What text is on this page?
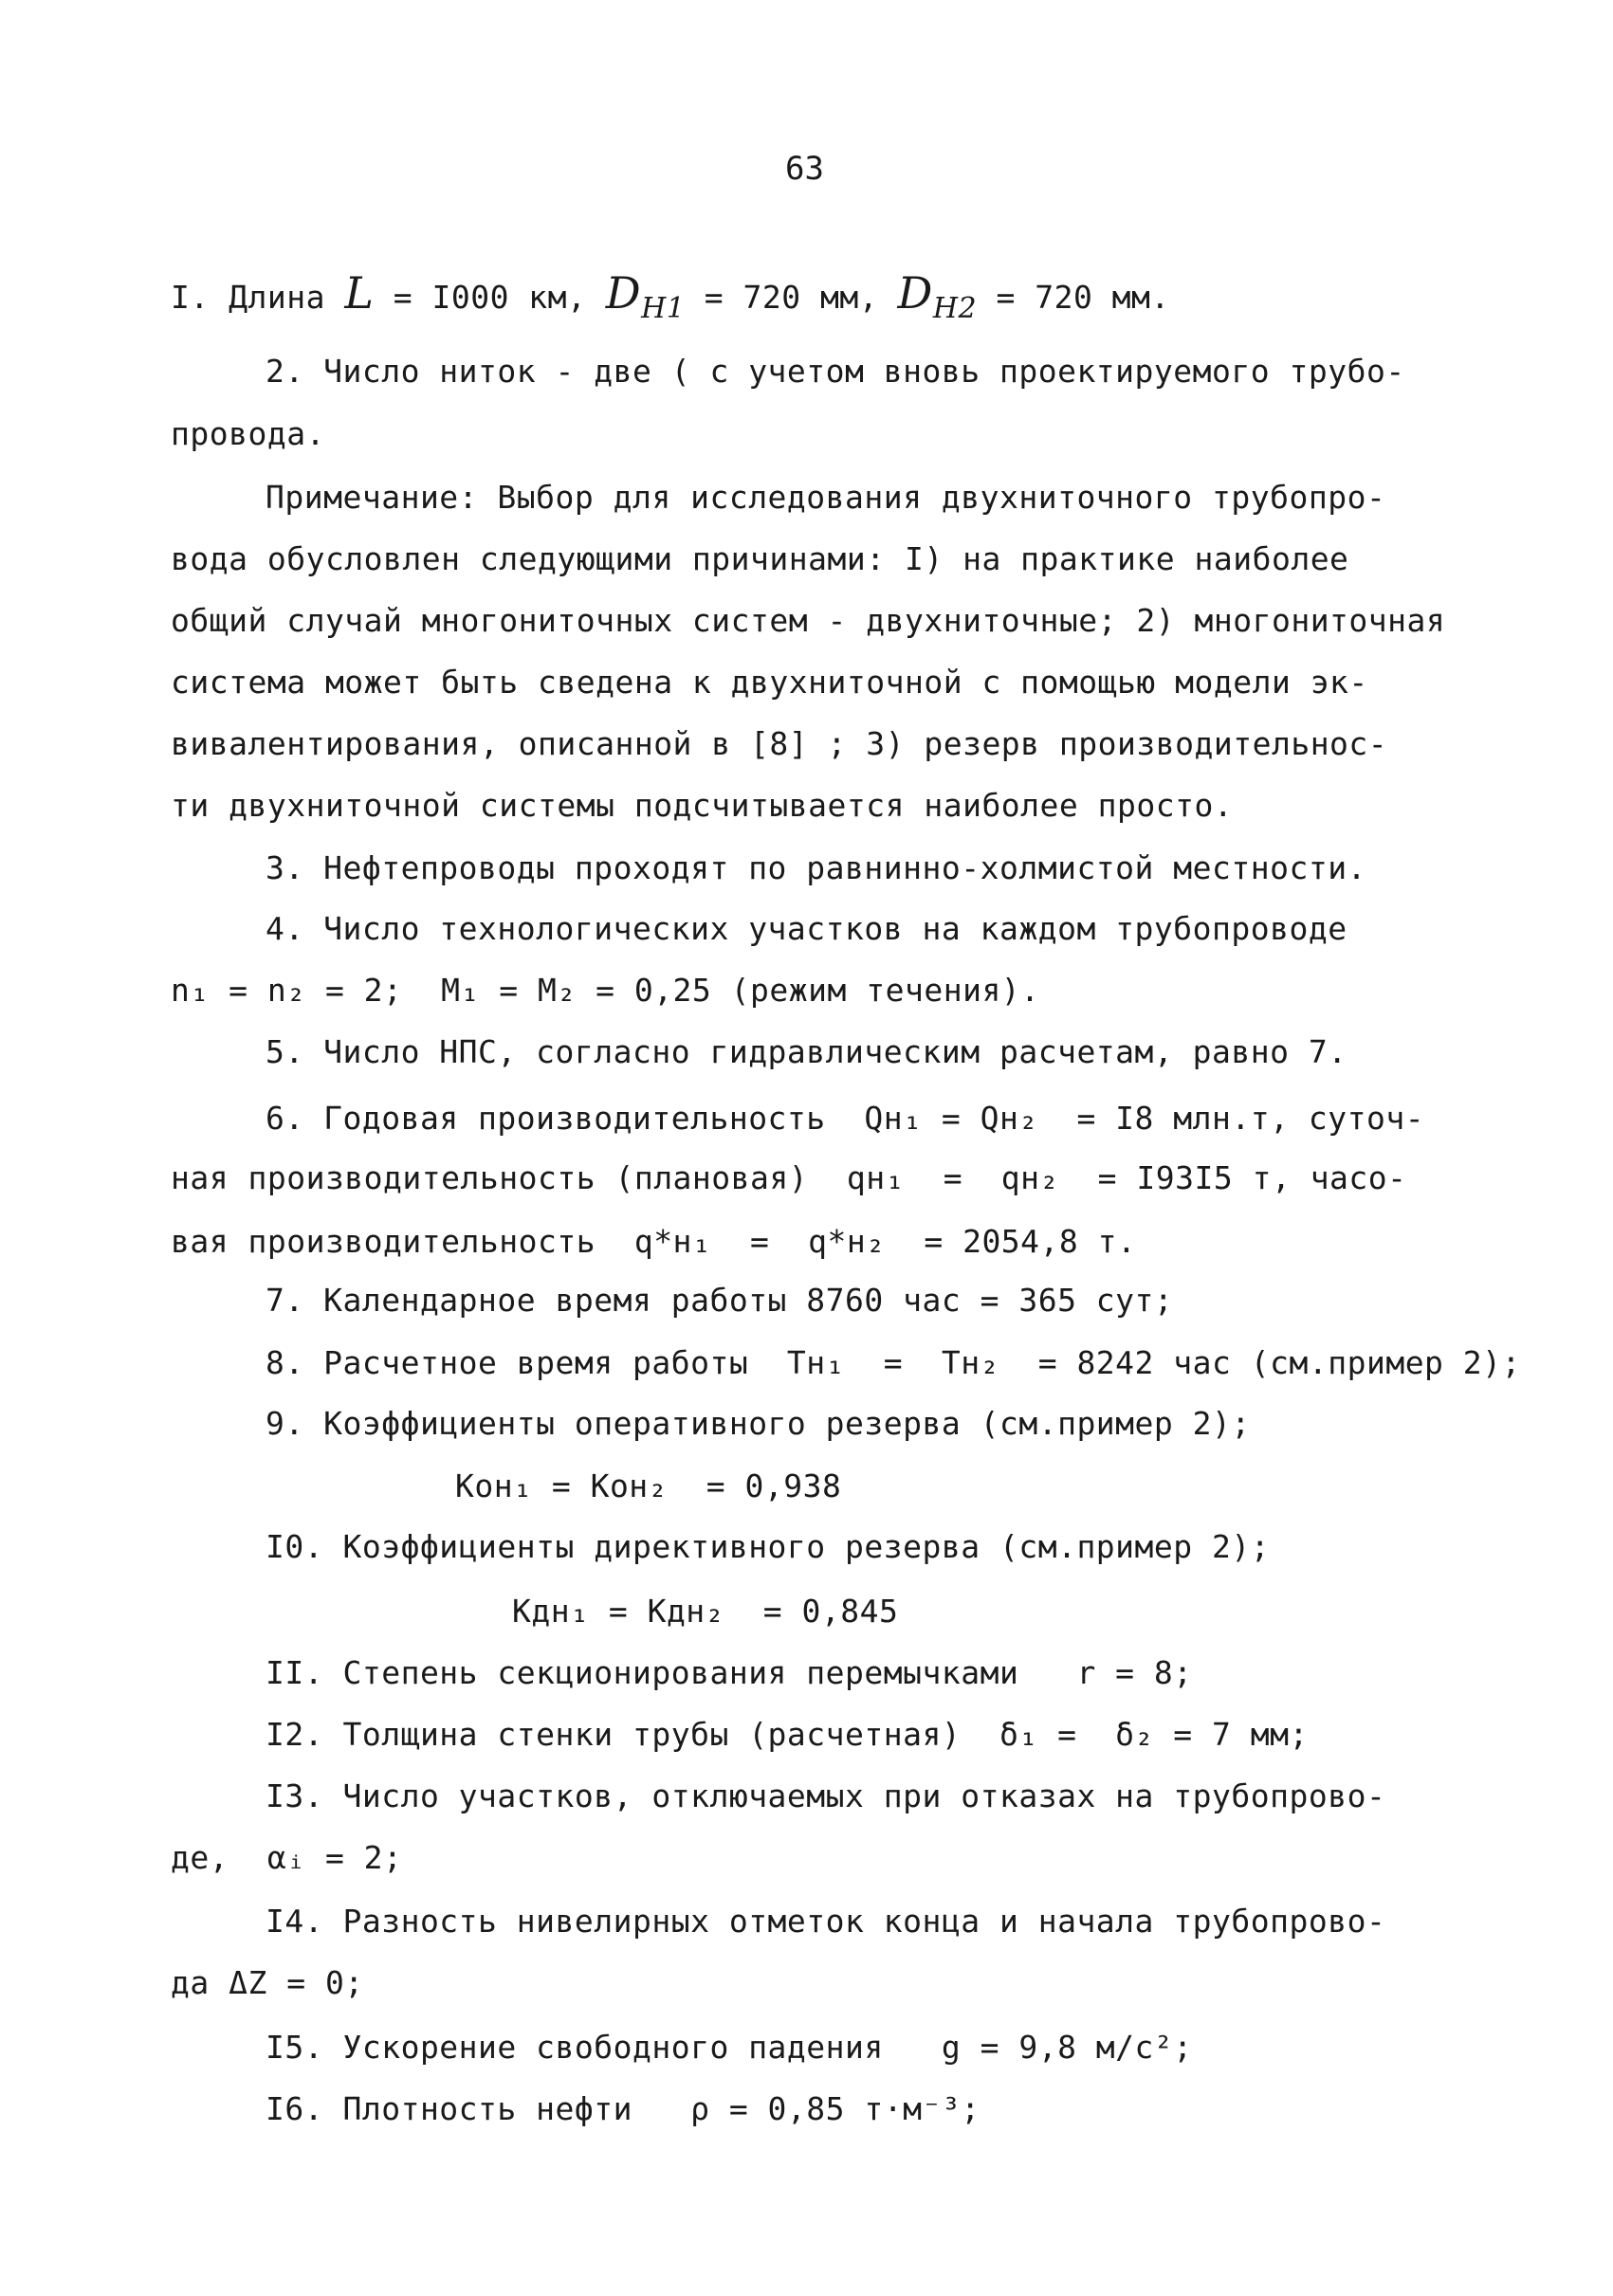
63
I. Длина L = I000 км, $D_{H1} = 720$ мм, $D_{H2} = 720$ мм.
2. Число ниток - две ( с учетом вновь проектируемого трубо-
провода.
Примечание: Выбор для исследования двухниточного трубопро-
вода обусловлен следующими причинами: I) на практике наиболее
общий случай многониточных систем - двухниточные; 2) многониточная
система может быть сведена к двухниточной с помощью модели эк-
вивалентирования, описанной в [8] ; 3) резерв производительнос-
ти двухниточной системы подсчитывается наиболее просто.
3. Нефтепроводы проходят по равнинно-холмистой местности.
4. Число технологических участков на каждом трубопроводе
n₁ = n₂ = 2;  M₁ = M₂ = 0,25 (режим течения).
5. Число НПС, согласно гидравлическим расчетам, равно 7.
6. Годовая производительность  Qн₁ = Qн₂  = I8 млн.т, суточ-
ная производительность (плановая)  qн₁  =  qн₂  = I93I5 т, часо-
вая производительность  q*н₁  =  q*н₂  = 2054,8 т.
7. Календарное время работы 8760 час = 365 сут;
8. Расчетное время работы  Tн₁  =  Tн₂  = 8242 час (см.пример 2);
9. Коэффициенты оперативного резерва (см.пример 2);
Kон₁ = Kон₂  = 0,938
I0. Коэффициенты директивного резерва (см.пример 2);
Kдн₁ = Kдн₂  = 0,845
II. Степень секционирования перемычками   r = 8;
I2. Толщина стенки трубы (расчетная)  δ₁ =  δ₂ = 7 мм;
I3. Число участков, отключаемых при отказах на трубопрово-
де,  αᵢ = 2;
I4. Разность нивелирных отметок конца и начала трубопрово-
да ΔZ = 0;
I5. Ускорение свободного падения   g = 9,8 м/с²;
I6. Плотность нефти   ρ = 0,85 т·м⁻³;
